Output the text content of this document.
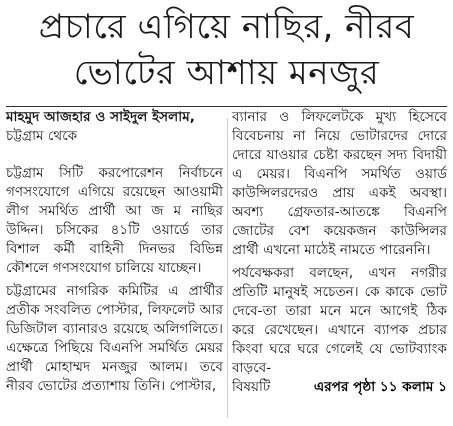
প্রচারে এগিয়ে নাছির, নীরব
ভোটের আশায় মনজুর
মাহমুদ আজহার ও সাইদুল ইসলাম,
চট্টগ্রাম থেকে

চট্টগ্রাম সিটি করপোরেশন নির্বাচনে গণসংযোগে এগিয়ে রয়েছেন আওয়ামী লীগ সমর্থিত প্রার্থী আ জ ম নাছির উদ্দিন। চসিকের ৪১টি ওয়ার্ডে তার বিশাল কর্মী বাহিনী দিনভর বিভিন্ন কৌশলে গণসংযোগ চালিয়ে যাচ্ছেন।

চট্টগ্রামের নাগরিক কমিটির এ প্রার্থীর প্রতীক সংবলিত পোস্টার, লিফলেট আর ডিজিটাল ব্যানারও রয়েছে অলিগলিতে। এক্ষেত্রে পিছিয়ে বিএনপি সমর্থিত মেয়র প্রার্থী মোহাম্মদ মনজুর আলম। তবে নীরব ভোটের প্রত্যাশায় তিনি। পোস্টার,

ব্যানার ও লিফলেটকে মুখ্য হিসেবে বিবেচনায় না নিয়ে ভোটারদের দোরে দোরে যাওয়ার চেষ্টা করছেন সদ্য বিদায়ী এ মেয়র। বিএনপি সমর্থিত ওয়ার্ড কাউন্সিলরদেরও প্রায় একই অবস্থা। অবশ্য গ্রেফতার-আতঙ্কে বিএনপি জোটের বেশ কয়েকজন কাউন্সিলর প্রার্থী এখনো মাঠেই নামতে পারেননি।

পর্যবেক্ষকরা বলছেন, এখন নগরীর প্রতিটি মানুষই সচেতন। কে কাকে ভোট দেবে-তা তারা মনে মনে আগেই ঠিক করে রেখেছেন। এখানে ব্যাপক প্রচার কিংবা ঘরে ঘরে গেলেই যে ভোটব্যাংক বাড়বে-

বিষয়টি	এরপর পৃষ্ঠা ১১ কলাম ১
